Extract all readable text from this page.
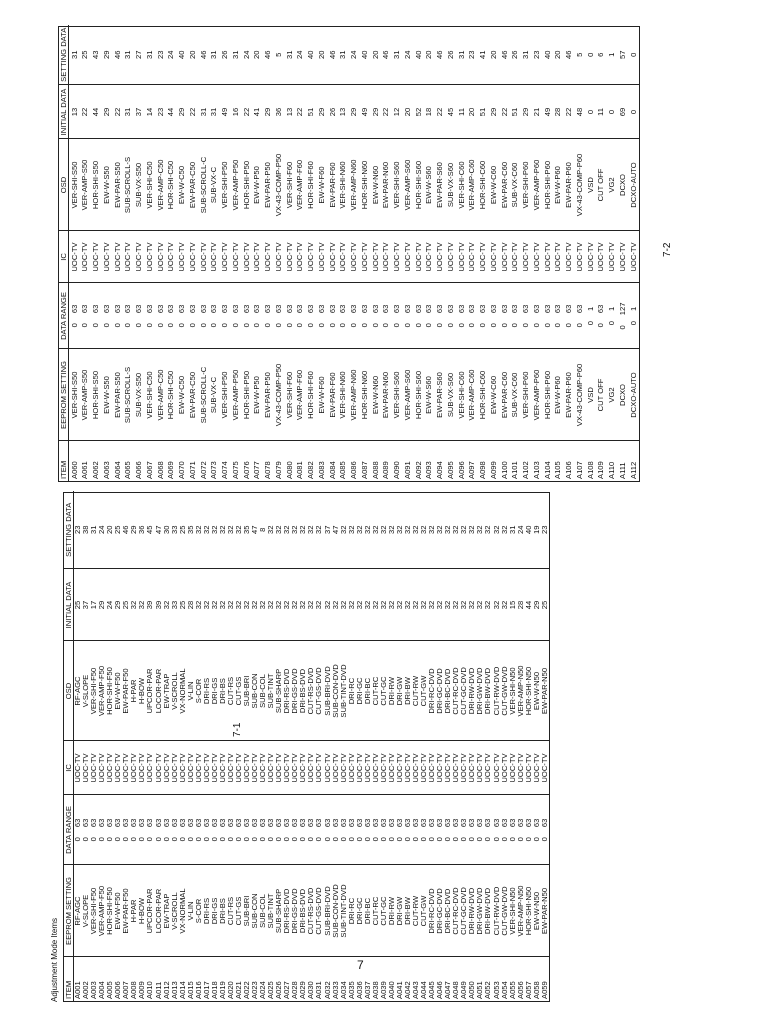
Adjustment Mode Items ITEM	EEPROM SETTING	DATA RANGE	IC	OSD	INITIAL DATA	SETTING DATA
A001	RF-AGC	063	UOC-TV	RF-AGC	25	23
A002	V-SLOPE	063	UOC-TV	V-SLOPE	37	38
A003	VER-SHI-F50	063	UOC-TV	VER-SHI-F50	17	31
A004	VER-AMP-F50	063	UOC-TV	VER-AMP-F50	29	24
A005	HOR-SHI-F50	063	UOC-TV	HOR-SHI-F50	24	20
A006	EW-W-F50	063	UOC-TV	EW-W-F50	29	25
A007	EW-PAR-F50	063	UOC-TV	EW-PAR-F50	25	46
A008	H-PAR	063	UOC-TV	H-PAR	32	29
A009	H-BOW	063	UOC-TV	H-BOW	32	36
A010	UPCOR-PAR	063	UOC-TV	UPCOR-PAR	39	45
A011	LOCOR-PAR	063	UOC-TV	LOCOR-PAR	39	47
A012	EW-TRAP	063	UOC-TV	EW-TRAP	32	30
A013	V-SCROLL	063	UOC-TV	V-SCROLL	33	33
A014	VX-NORMAL	063	UOC-TV	VX-NORMAL	25	25
A015	V-LIN	063	UOC-TV	V-LIN	28	35
A016	S-COR	063	UOC-TV	S-COR	32	32
A017	DRI-RS	063	UOC-TV	DRI-RS	32	32
A018	DRI-GS	063	UOC-TV	DRI-GS	32	32
A019	DRI-BS	063	UOC-TV	DRI-BS	32	32
A020	CUT-RS	063	UOC-TV	CUT-RS	32	32
A021	CUT-GS	063	UOC-TV	CUT-GS	32	32
A022	SUB-BRI	063	UOC-TV	SUB-BRI	32	35
A023	SUB-CON	063	UOC-TV	SUB-CON	32	47
A024	SUB-COL	063	UOC-TV	SUB-COL	32	8
A025	SUB-TINT	063	UOC-TV	SUB-TINT	32	32
A026	SUB-SHARP	063	UOC-TV	SUB-SHARP	32	32
A027	DRI-RS-DVD	063	UOC-TV	DRI-RS-DVD	32	32
A028	DRI-GS-DVD	063	UOC-TV	DRI-GS-DVD	32	32
A029	DRI-BS-DVD	063	UOC-TV	DRI-BS-DVD	32	32
A030	CUT-RS-DVD	063	UOC-TV	CUT-RS-DVD	32	32
A031	CUT-GS-DVD	063	UOC-TV	CUT-GS-DVD	32	32
A032	SUB-BRI-DVD	063	UOC-TV	SUB-BRI-DVD	32	37
A033	SUB-CON-DVD	063	UOC-TV	SUB-CON-DVD	32	47
A034	SUB-TINT-DVD	063	UOC-TV	SUB-TINT-DVD	32	32
A035	DRI-RC	063	UOC-TV	DRI-RC	32	32
A036	DRI-GC	063	UOC-TV	DRI-GC	32	32
A037	DRI-BC	063	UOC-TV	DRI-BC	32	32
A038	CUT-RC	063	UOC-TV	CUT-RC	32	32
A039	CUT-GC	063	UOC-TV	CUT-GC	32	32
A040	DRI-RW	063	UOC-TV	DRI-RW	32	32
A041	DRI-GW	063	UOC-TV	DRI-GW	32	32
A042	DRI-BW	063	UOC-TV	DRI-BW	32	32
A043	CUT-RW	063	UOC-TV	CUT-RW	32	32
A044	CUT-GW	063	UOC-TV	CUT-GW	32	32
A045	DRI-RC-DVD	063	UOC-TV	DRI-RC-DVD	32	32
A046	DRI-GC-DVD	063	UOC-TV	DRI-GC-DVD	32	32
A047	DRI-BC-DVD	063	UOC-TV	DRI-BC-DVD	32	32
A048	CUT-RC-DVD	063	UOC-TV	CUT-RC-DVD	32	32
A049	CUT-GC-DVD	063	UOC-TV	CUT-GC-DVD	32	32
A050	DRI-RW-DVD	063	UOC-TV	DRI-RW-DVD	32	32
A051	DRI-GW-DVD	063	UOC-TV	DRI-GW-DVD	32	32
A052	DRI-BW-DVD	063	UOC-TV	DRI-BW-DVD	32	32
A053	CUT-RW-DVD	063	UOC-TV	CUT-RW-DVD	32	32
A054	CUT-GW-DVD	063	UOC-TV	CUT-GW-DVD	32	32
A055	VER-SHI-N50	063	UOC-TV	VER-SHI-N50	15	31
A056	VER-AMP-N50	063	UOC-TV	VER-AMP-N50	28	24
A057	HOR-SHI-N50	063	UOC-TV	HOR-SHI-N50	44	40
A058	EW-W-N50	063	UOC-TV	EW-W-N50	29	19
A059	EW-PAR-N50	063	UOC-TV	EW-PAR-N50	25	23
ITEM	EEPROM SETTING	DATA RANGE	IC	OSD	INITIAL DATA	SETTING DATA
A060	VER-SHI-S50	063	UOC-TV	VER-SHI-S50	13	31
A061	VER-AMP-S50	063	UOC-TV	VER-AMP-S50	22	25
A062	HOR-SHI-S50	063	UOC-TV	HOR-SHI-S50	44	43
A063	EW-W-S50	063	UOC-TV	EW-W-S50	29	29
A064	EW-PAR-S50	063	UOC-TV	EW-PAR-S50	22	46
A065	SUB-SCROLL-S	063	UOC-TV	SUB-SCROLL-S	31	31
A066	SUB-VX-S50	063	UOC-TV	SUB-VX-S50	37	27
A067	VER-SHI-C50	063	UOC-TV	VER-SHI-C50	14	31
A068	VER-AMP-C50	063	UOC-TV	VER-AMP-C50	23	23
A069	HOR-SHI-C50	063	UOC-TV	HOR-SHI-C50	44	24
A070	EW-W-C50	063	UOC-TV	EW-W-C50	29	40
A071	EW-PAR-C50	063	UOC-TV	EW-PAR-C50	22	20
A072	SUB-SCROLL-C	063	UOC-TV	SUB-SCROLL-C	31	46
A073	SUB-VX-C	063	UOC-TV	SUB-VX-C	31	31
A074	VER-SHI-P50	063	UOC-TV	VER-SHI-P50	49	26
A075	VER-AMP-P50	063	UOC-TV	VER-AMP-P50	16	31
A076	HOR-SHI-P50	063	UOC-TV	HOR-SHI-P50	22	24
A077	EW-W-P50	063	UOC-TV	EW-W-P50	41	20
A078	EW-PAR-P50	063	UOC-TV	EW-PAR-P50	29	46
A079	VX-43-COMP-P50	063	UOC-TV	VX-43-COMP-P50	36	5
A080	VER-SHI-F60	063	UOC-TV	VER-SHI-F60	13	31
A081	VER-AMP-F60	063	UOC-TV	VER-AMP-F60	22	24
A082	HOR-SHI-F60	063	UOC-TV	HOR-SHI-F60	51	40
A083	EW-W-F60	063	UOC-TV	EW-W-F60	29	20
A084	EW-PAR-F60	063	UOC-TV	EW-PAR-F60	26	46
A085	VER-SHI-N60	063	UOC-TV	VER-SHI-N60	13	31
A086	VER-AMP-N60	063	UOC-TV	VER-AMP-N60	29	24
A087	HOR-SHI-N60	063	UOC-TV	HOR-SHI-N60	49	40
A088	EW-W-N60	063	UOC-TV	EW-W-N60	29	20
A089	EW-PAR-N60	063	UOC-TV	EW-PAR-N60	22	46
A090	VER-SHI-S60	063	UOC-TV	VER-SHI-S60	12	31
A091	VER-AMP-S60	063	UOC-TV	VER-AMP-S60	20	24
A092	HOR-SHI-S60	063	UOC-TV	HOR-SHI-S60	52	40
A093	EW-W-S60	063	UOC-TV	EW-W-S60	18	20
A094	EW-PAR-S60	063	UOC-TV	EW-PAR-S60	22	46
A095	SUB-VX-S60	063	UOC-TV	SUB-VX-S60	45	26
A096	VER-SHI-C60	063	UOC-TV	VER-SHI-C60	11	31
A097	VER-AMP-C60	063	UOC-TV	VER-AMP-C60	20	23
A098	HOR-SHI-C60	063	UOC-TV	HOR-SHI-C60	51	41
A099	EW-W-C60	063	UOC-TV	EW-W-C60	29	20
A100	EW-PAR-C60	063	UOC-TV	EW-PAR-C60	22	46
A101	SUB-VX-C60	063	UOC-TV	SUB-VX-C60	51	26
A102	VER-SHI-P60	063	UOC-TV	VER-SHI-P60	29	31
A103	VER-AMP-P60	063	UOC-TV	VER-AMP-P60	21	23
A104	HOR-SHI-P60	063	UOC-TV	HOR-SHI-P60	49	40
A105	EW-W-P60	063	UOC-TV	EW-W-P60	28	20
A106	EW-PAR-P60	063	UOC-TV	EW-PAR-P60	22	46
A107	VX-43-COMP-P60	063	UOC-TV	VX-43-COMP-P60	48	5
A108	VSD	01	UOC-TV	VSD	0	0
A109	CUT OFF	063	UOC-TV	CUT OFF	11	6
A110	VG2	01	UOC-TV	VG2	0	1
A111	DCXO	0127	UOC-TV	DCXO	69	57
A112	DCXO-AUTO	01	UOC-TV	DCXO-AUTO	0	0
7-1
7-2
7
